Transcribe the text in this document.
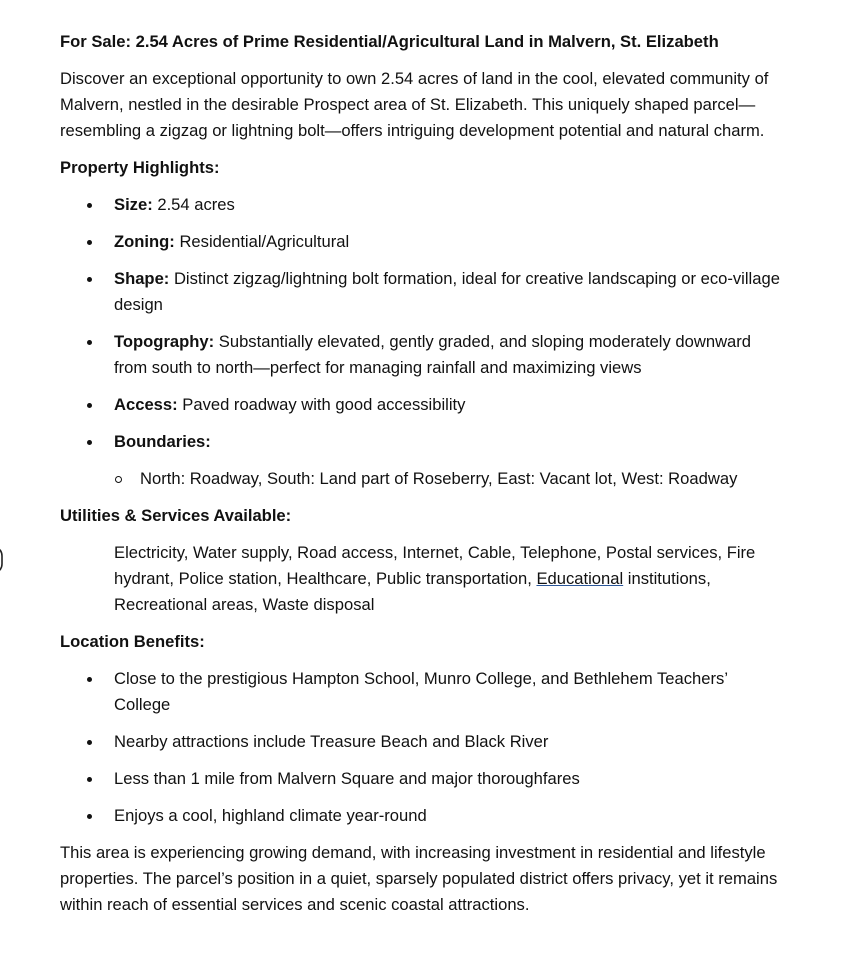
For Sale: 2.54 Acres of Prime Residential/Agricultural Land in Malvern, St. Elizabeth

Discover an exceptional opportunity to own 2.54 acres of land in the cool, elevated community of Malvern, nestled in the desirable Prospect area of St. Elizabeth. This uniquely shaped parcel—resembling a zigzag or lightning bolt—offers intriguing development potential and natural charm.

Property Highlights:
Size: 2.54 acres
Zoning: Residential/Agricultural
Shape: Distinct zigzag/lightning bolt formation, ideal for creative landscaping or eco-village design
Topography: Substantially elevated, gently graded, and sloping moderately downward from south to north—perfect for managing rainfall and maximizing views
Access: Paved roadway with good accessibility
Boundaries:
North: Roadway, South: Land part of Roseberry, East: Vacant lot, West: Roadway
Utilities & Services Available:
Electricity, Water supply, Road access, Internet, Cable, Telephone, Postal services, Fire hydrant, Police station, Healthcare, Public transportation, Educational institutions, Recreational areas, Waste disposal
Location Benefits:
Close to the prestigious Hampton School, Munro College, and Bethlehem Teachers’ College
Nearby attractions include Treasure Beach and Black River
Less than 1 mile from Malvern Square and major thoroughfares
Enjoys a cool, highland climate year-round

This area is experiencing growing demand, with increasing investment in residential and lifestyle properties. The parcel’s position in a quiet, sparsely populated district offers privacy, yet it remains within reach of essential services and scenic coastal attractions.
